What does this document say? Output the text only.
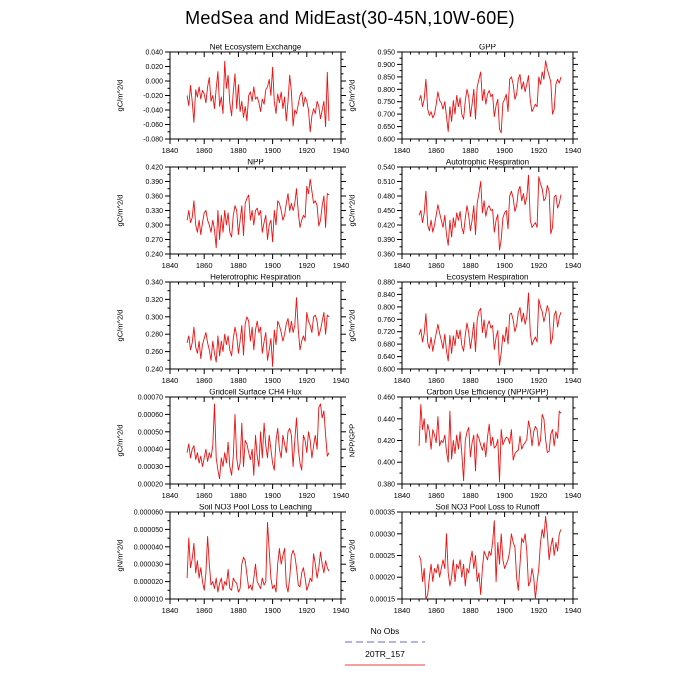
MedSea and MidEast(30-45N,10W-60E)
Net Ecosystem Exchange
gC/m^2/d
0.040
0.020
0.000
-0.020
-0.040
-0.060
-0.080
1840 1860 1880 1900 1920 1940
GPP
gC/m^2/d
0.950
0.900
0.850
0.800
0.750
0.700
0.650
0.600
1840 1860 1880 1900 1920 1940
NPP
gC/m^2/d
0.420
0.390
0.360
0.330
0.300
0.270
0.240
1840 1860 1880 1900 1920 1940
Autotrophic Respiration
gC/m^2/d
0.540
0.510
0.480
0.450
0.420
0.390
0.360
1840 1860 1880 1900 1920 1940
Heterotrophic Respiration
gC/m^2/d
0.340
0.320
0.300
0.280
0.260
0.240
1840 1860 1880 1900 1920 1940
Ecosystem Respiration
gC/m^2/d
0.880
0.840
0.800
0.760
0.720
0.680
0.640
0.600
1840 1860 1880 1900 1920 1940
Gridcell Surface CH4 Flux
gC/m^2/d
0.00070
0.00060
0.00050
0.00040
0.00030
0.00020
1840 1860 1880 1900 1920 1940
Carbon Use Efficiency (NPP/GPP)
NPP/GPP
0.460
0.440
0.420
0.400
0.380
1840 1860 1880 1900 1920 1940
Soil NO3 Pool Loss to Leaching
gN/m^2/d
0.000060
0.000050
0.000040
0.000030
0.000020
0.000010
1840 1860 1880 1900 1920 1940
Soil NO3 Pool Loss to Runoff
gN/m^2/d
0.00035
0.00030
0.00025
0.00020
0.00015
1840 1860 1880 1900 1920 1940
No Obs
20TR_157
